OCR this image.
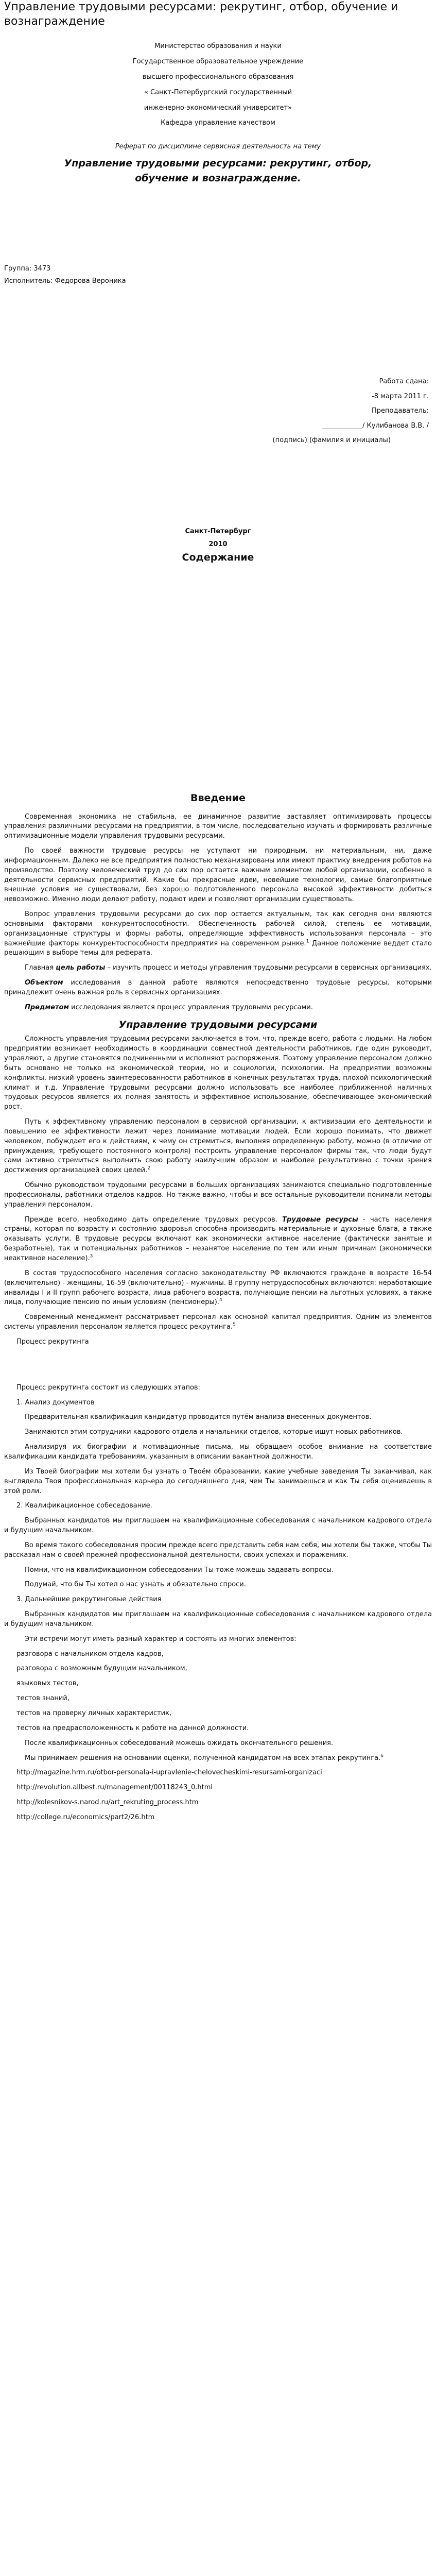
Управление трудовыми ресурсами: рекрутинг, отбор, обучение и вознаграждение

Министерство образования и науки

Государственное образовательное учреждение

высшего профессионального образования

« Санкт-Петербургский государственный

инженерно-экономический университет»

Кафедра управление качеством

Реферат по дисциплине сервисная деятельность на тему

Управление трудовыми ресурсами: рекрутинг, отбор, обучение и вознаграждение.

Группа: 3473

Исполнитель: Федорова Вероника

Работа сдана:

-8 марта 2011 г.

Преподаватель:

____________/ Кулибанова В.В. /

(подпись) (фамилия и инициалы)

Санкт-Петербург

2010

Содержание
Введение

Современная экономика не стабильна, ее динамичное развитие заставляет оптимизировать процессы управления различными ресурсами на предприятии, в том числе, последовательно изучать и формировать различные оптимизационные модели управления трудовыми ресурсами.

По своей важности трудовые ресурсы не уступают ни природным, ни материальным, ни, даже информационным. Далеко не все предприятия полностью механизированы или имеют практику внедрения роботов на производство. Поэтому человеческий труд до сих пор остается важным элементом любой организации, особенно в деятельности сервисных предприятий. Какие бы прекрасные идеи, новейшие технологии, самые благоприятные внешние условия не существовали, без хорошо подготовленного персонала высокой эффективности добиться невозможно. Именно люди делают работу, подают идеи и позволяют организации существовать.

Вопрос управления трудовыми ресурсами до сих пор остается актуальным, так как сегодня они являются основными факторами конкурентоспособности. Обеспеченность рабочей силой, степень ее мотивации, организационные структуры и формы работы, определяющие эффективность использования персонала – это важнейшие факторы конкурентоспособности предприятия на современном рынке.$^1$ Данное положение веддет стало решающим в выборе темы для реферата.

Главная цель работы – изучить процесс и методы управления трудовыми ресурсами в сервисных организациях.

Объектом исследования в данной работе являются непосредственно трудовые ресурсы, которыми принадлежит очень важная роль в сервисных организациях.

Предметом исследования является процесс управления трудовыми ресурсами.

Управление трудовыми ресурсами

Сложность управления трудовыми ресурсами заключается в том, что, прежде всего, работа с людьми. На любом предприятии возникает необходимость в координации совместной деятельности работников, где один руководит, управляют, а другие становятся подчиненными и исполняют распоряжения. Поэтому управление персоналом должно быть основано не только на экономической теории, но и социологии, психологии. На предприятии возможны конфликты, низкий уровень заинтересованности работников в конечных результатах труда, плохой психологический климат и т.д. Управление трудовыми ресурсами должно использовать все наиболее приближенной наличных трудовых ресурсов является их полная занятость и эффективное использование, обеспечивающее экономический рост.

Путь к эффективному управлению персоналом в сервисной организации, к активизации его деятельности и повышению ее эффективности лежит через понимание мотивации людей. Если хорошо понимать, что движет человеком, побуждает его к действиям, к чему он стремиться, выполняя определенную работу, можно (в отличие от принуждения, требующего постоянного контроля) построить управление персоналом фирмы так, что люди будут сами активно стремиться выполнить свою работу наилучшим образом и наиболее результативно с точки зрения достижения организацией своих целей.$^2$

Обычно руководством трудовыми ресурсами в больших организациях занимаются специально подготовленные профессионалы, работники отделов кадров. Но также важно, чтобы и все остальные руководители понимали методы управления персоналом.

Прежде всего, необходимо дать определение трудовых ресурсов. Трудовые ресурсы - часть населения страны, которая по возрасту и состоянию здоровья способна производить материальные и духовные блага, а также оказывать услуги. В трудовые ресурсы включают как экономически активное население (фактически занятые и безработные), так и потенциальных работников – незанятое население по тем или иным причинам (экономически неактивное население).$^3$

В состав трудоспособного населения согласно законодательству РФ включаются граждане в возрасте 16-54 (включительно) - женщины, 16-59 (включительно) - мужчины. В группу нетрудоспособных включаются: неработающие инвалиды I и II групп рабочего возраста, лица рабочего возраста, получающие пенсии на льготных условиях, а также лица, получающие пенсию по иным условиям (пенсионеры).$^4$

Современный менеджмент рассматривает персонал как основной капитал предприятия. Одним из элементов системы управления персоналом является процесс рекрутинга.$^5$

Процесс рекрутинга

Процесс рекрутинга состоит из следующих этапов:

1. Анализ документов

Предварительная квалификация кандидатур проводится путём анализа внесенных документов.

Занимаются этим сотрудники кадрового отдела и начальники отделов, которые ищут новых работников.

Анализируя их биографии и мотивационные письма, мы обращаем особое внимание на соответствие квалификации кандидата требованиям, указанным в описании вакантной должности.

Из Твоей биографии мы хотели бы узнать о Твоём образовании, какие учебные заведения Ты заканчивал, как выглядела Твоя профессиональная карьера до сегодняшнего дня, чем Ты занимаешься и как Ты себя оцениваешь в этой роли.

2. Квалификационное собеседование.

Выбранных кандидатов мы приглашаем на квалификационные собеседования с начальником кадрового отдела и будущим начальником.

Во время такого собеседования просим прежде всего представить себя нам себя, мы хотели бы также, чтобы Ты рассказал нам о своей прежней профессиональной деятельности, своих успехах и поражениях.

Помни, что на квалификационном собеседовании Ты тоже можешь задавать вопросы.

Подумай, что бы Ты хотел о нас узнать и обязательно спроси.

3. Дальнейшие рекрутинговые действия

Выбранных кандидатов мы приглашаем на квалификационные собеседования с начальником кадрового отдела и будущим начальником.

Эти встречи могут иметь разный характер и состоять из многих элементов:

разговора с начальником отдела кадров,

разговора с возможным будущим начальником,

языковых тестов,

тестов знаний,

тестов на проверку личных характеристик,

тестов на предрасположенность к работе на данной должности.

После квалификационных собеседований можешь ожидать окончательного решения.

Мы принимаем решения на основании оценки, полученной кандидатом на всех этапах рекрутинга.$^6$

http://magazine.hrm.ru/otbor-personala-i-upravlenie-chelovecheskimi-resursami-organizaci

http://revolution.allbest.ru/management/00118243_0.html

http://kolesnikov-s.narod.ru/art_rekruting_process.htm

http://college.ru/economics/part2/26.htm
